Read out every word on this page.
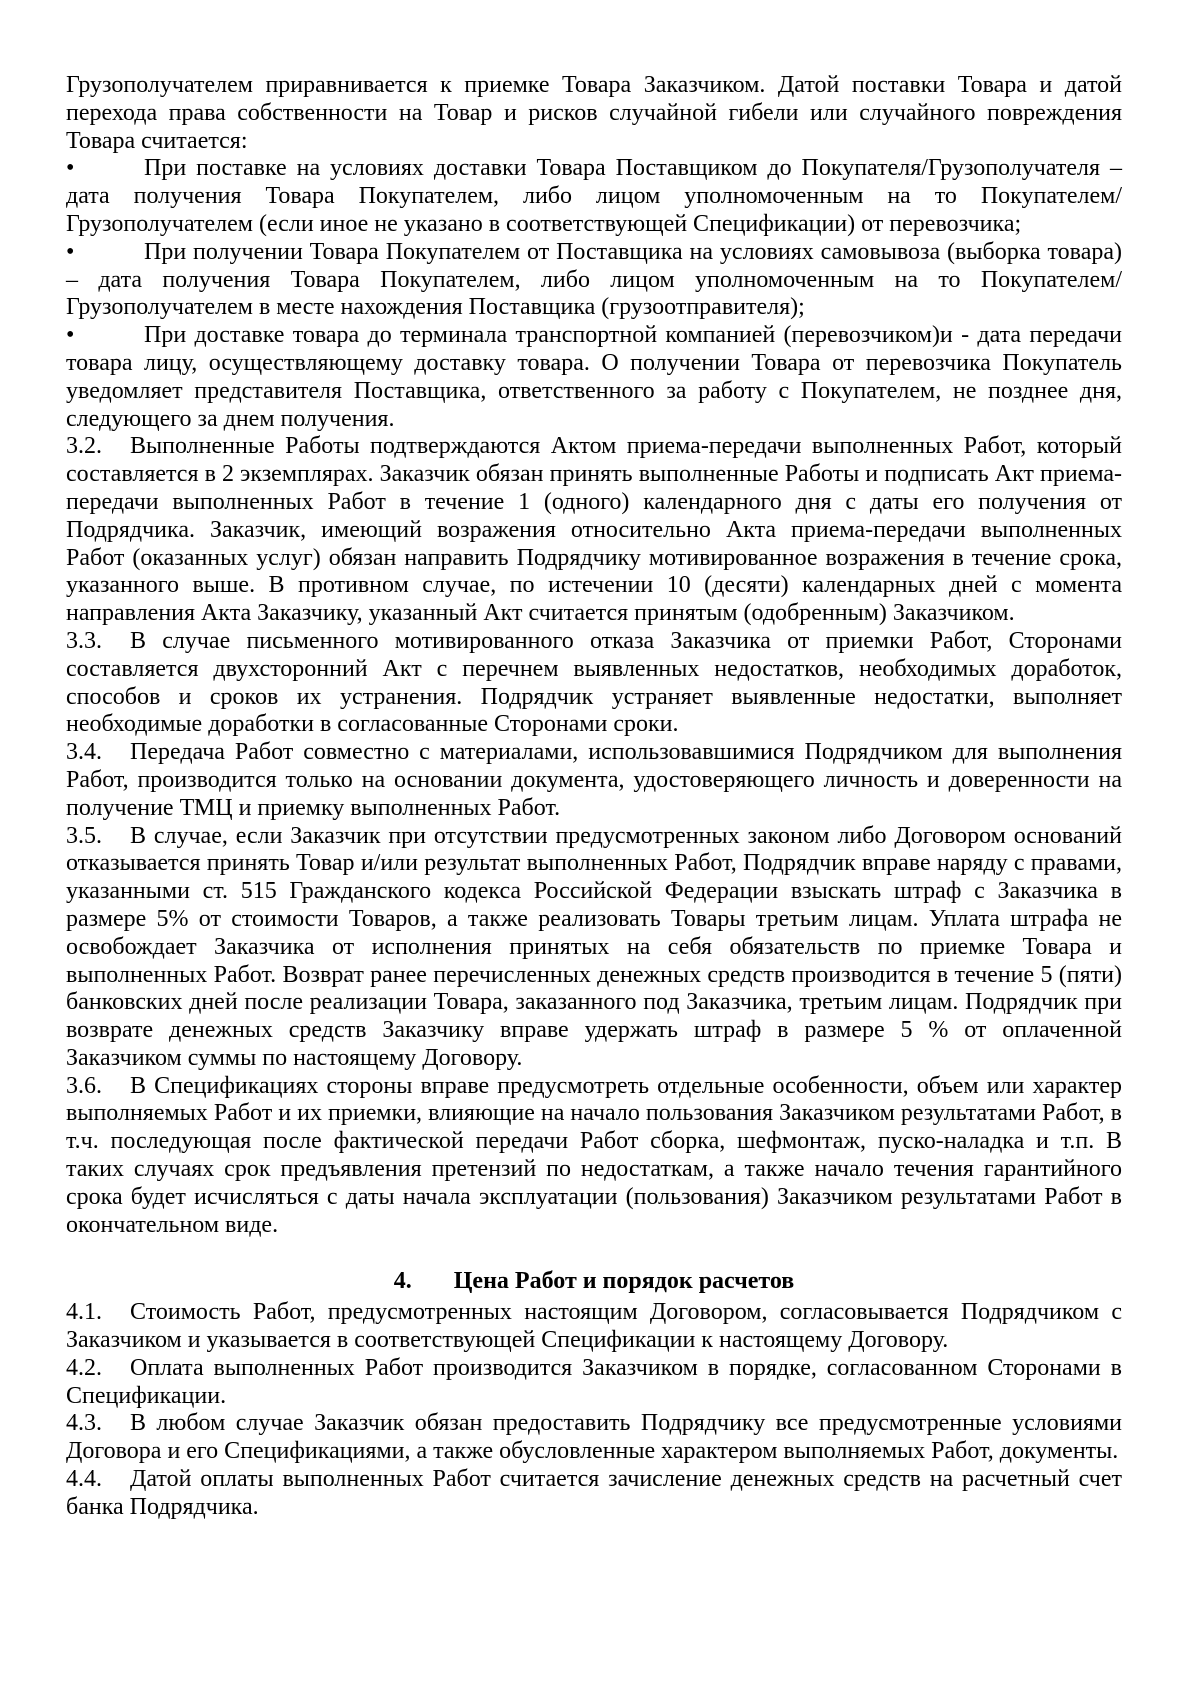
Грузополучателем приравнивается к приемке Товара Заказчиком. Датой поставки Товара и датой перехода права собственности на Товар и рисков случайной гибели или случайного повреждения Товара считается:

•	При поставке на условиях доставки Товара Поставщиком до Покупателя/Грузополучателя – дата получения Товара Покупателем, либо лицом уполномоченным на то Покупателем/Грузополучателем (если иное не указано в соответствующей Спецификации) от перевозчика;

•	При получении Товара Покупателем от Поставщика на условиях самовывоза (выборка товара) – дата получения Товара Покупателем, либо лицом уполномоченным на то Покупателем/Грузополучателем в месте нахождения Поставщика (грузоотправителя);

•	При доставке товара до терминала транспортной компанией (перевозчиком)и - дата передачи товара лицу, осуществляющему доставку товара. О получении Товара от перевозчика Покупатель уведомляет представителя Поставщика, ответственного за работу с Покупателем, не позднее дня, следующего за днем получения.

3.2. Выполненные Работы подтверждаются Актом приема-передачи выполненных Работ, который составляется в 2 экземплярах. Заказчик обязан принять выполненные Работы и подписать Акт приема-передачи выполненных Работ в течение 1 (одного) календарного дня с даты его получения от Подрядчика. Заказчик, имеющий возражения относительно Акта приема-передачи выполненных Работ (оказанных услуг) обязан направить Подрядчику мотивированное возражения в течение срока, указанного выше. В противном случае, по истечении 10 (десяти) календарных дней с момента направления Акта Заказчику, указанный Акт считается принятым (одобренным) Заказчиком.

3.3. В случае письменного мотивированного отказа Заказчика от приемки Работ, Сторонами составляется двухсторонний Акт с перечнем выявленных недостатков, необходимых доработок, способов и сроков их устранения. Подрядчик устраняет выявленные недостатки, выполняет необходимые доработки в согласованные Сторонами сроки.

3.4. Передача Работ совместно с материалами, использовавшимися Подрядчиком для выполнения Работ, производится только на основании документа, удостоверяющего личность и доверенности на получение ТМЦ и приемку выполненных Работ.

3.5. В случае, если Заказчик при отсутствии предусмотренных законом либо Договором оснований отказывается принять Товар и/или результат выполненных Работ, Подрядчик вправе наряду с правами, указанными ст. 515 Гражданского кодекса Российской Федерации взыскать штраф с Заказчика в размере 5% от стоимости Товаров, а также реализовать Товары третьим лицам. Уплата штрафа не освобождает Заказчика от исполнения принятых на себя обязательств по приемке Товара и выполненных Работ. Возврат ранее перечисленных денежных средств производится в течение 5 (пяти) банковских дней после реализации Товара, заказанного под Заказчика, третьим лицам. Подрядчик при возврате денежных средств Заказчику вправе удержать штраф в размере 5 % от оплаченной Заказчиком суммы по настоящему Договору.

3.6. В Спецификациях стороны вправе предусмотреть отдельные особенности, объем или характер выполняемых Работ и их приемки, влияющие на начало пользования Заказчиком результатами Работ, в т.ч. последующая после фактической передачи Работ сборка, шефмонтаж, пуско-наладка и т.п. В таких случаях срок предъявления претензий по недостаткам, а также начало течения гарантийного срока будет исчисляться с даты начала эксплуатации (пользования) Заказчиком результатами Работ в окончательном виде.

4. Цена Работ и порядок расчетов

4.1. Стоимость Работ, предусмотренных настоящим Договором, согласовывается Подрядчиком с Заказчиком и указывается в соответствующей Спецификации к настоящему Договору.

4.2. Оплата выполненных Работ производится Заказчиком в порядке, согласованном Сторонами в Спецификации.

4.3. В любом случае Заказчик обязан предоставить Подрядчику все предусмотренные условиями Договора и его Спецификациями, а также обусловленные характером выполняемых Работ, документы.

4.4. Датой оплаты выполненных Работ считается зачисление денежных средств на расчетный счет банка Подрядчика.
